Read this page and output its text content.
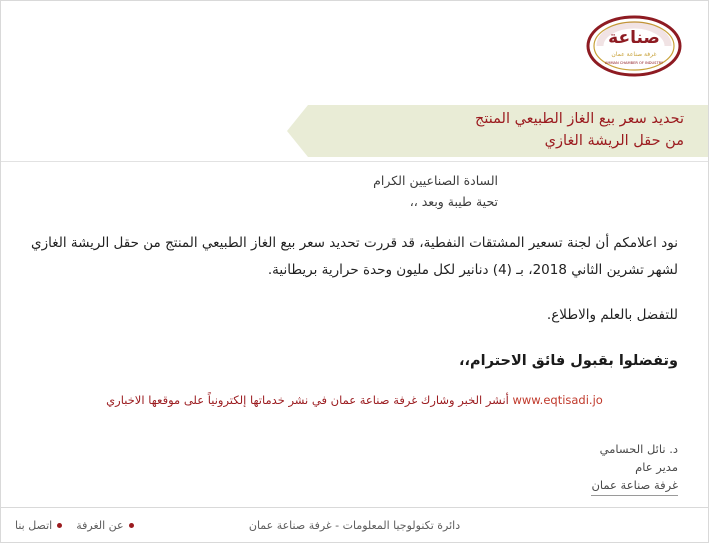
صناعة
غرفة صناعة عمان
AMMAN CHAMBER OF INDUSTRY
تحديد سعر بيع الغاز الطبيعي المنتج
من حقل الريشة الغازي
السادة الصناعيين الكرام
تحية طيبة وبعد ،،

نود اعلامكم أن لجنة تسعير المشتقات النفطية، قد قررت تحديد سعر بيع الغاز الطبيعي المنتج من حقل الريشة الغازي لشهر تشرين الثاني 2018، بـ (4) دنانير لكل مليون وحدة حرارية بريطانية.

للتفضل بالعلم والاطلاع.

وتفضلوا بقبول فائق الاحترام،،

www.eqtisadi.jo أنشر الخبر وشارك غرفة صناعة عمان في نشر خدماتها إلكترونياً على موقعها الاخباري

د. نائل الحسامي
مدير عام
غرفة صناعة عمان
دائرة تكنولوجيا المعلومات - غرفة صناعة عمان
عن الغرفة
اتصل بنا
